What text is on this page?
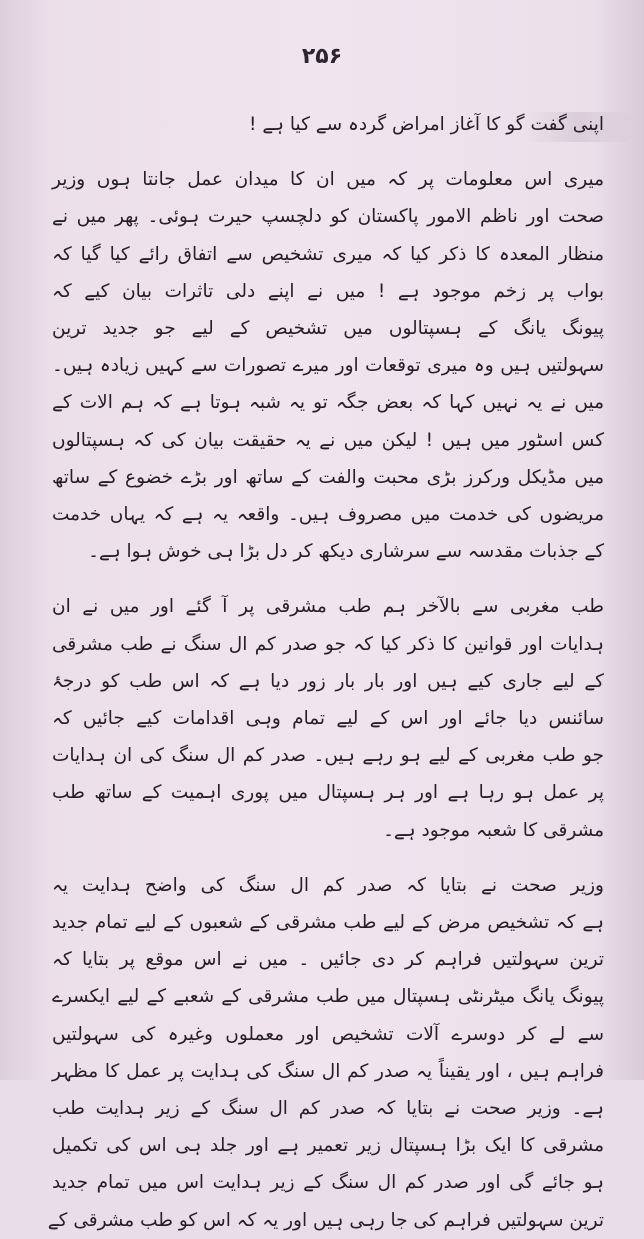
۲۵۶

اپنی گفت گو کا آغاز امراض گردہ سے کیا ہے !

میری اس معلومات پر کہ میں ان کا میدان عمل جانتا ہوں وزیر
صحت اور ناظم الامور پاکستان کو دلچسپ حیرت ہوئی۔ پھر میں نے
منظار المعدہ کا ذکر کیا کہ میری تشخیص سے اتفاق رائے کیا گیا کہ
بواب پر زخم موجود ہے ! میں نے اپنے دلی تاثرات بیان کیے کہ
پیونگ یانگ کے ہسپتالوں میں تشخیص کے لیے جو جدید ترین
سہولتیں ہیں وہ میری توقعات اور میرے تصورات سے کہیں زیادہ ہیں۔
میں نے یہ نہیں کہا کہ بعض جگہ تو یہ شبہ ہوتا ہے کہ ہم الات کے
کس اسٹور میں ہیں ! لیکن میں نے یہ حقیقت بیان کی کہ ہسپتالوں
میں مڈیکل ورکرز بڑی محبت والفت کے ساتھ اور بڑے خضوع کے ساتھ
مریضوں کی خدمت میں مصروف ہیں۔ واقعہ یہ ہے کہ یہاں خدمت
کے جذبات مقدسہ سے سرشاری دیکھ کر دل بڑا ہی خوش ہوا ہے۔

طب مغربی سے بالآخر ہم طب مشرقی پر آ گئے اور میں نے ان
ہدایات اور قوانین کا ذکر کیا کہ جو صدر کم ال سنگ نے طب مشرقی
کے لیے جاری کیے ہیں اور بار بار زور دیا ہے کہ اس طب کو درجۂ
سائنس دیا جائے اور اس کے لیے تمام وہی اقدامات کیے جائیں کہ
جو طب مغربی کے لیے ہو رہے ہیں۔ صدر کم ال سنگ کی ان ہدایات
پر عمل ہو رہا ہے اور ہر ہسپتال میں پوری اہمیت کے ساتھ طب
مشرقی کا شعبہ موجود ہے۔

وزیر صحت نے بتایا کہ صدر کم ال سنگ کی واضح ہدایت یہ
ہے کہ تشخیص مرض کے لیے طب مشرقی کے شعبوں کے لیے تمام جدید
ترین سہولتیں فراہم کر دی جائیں ۔ میں نے اس موقع پر بتایا کہ
پیونگ یانگ میٹرنٹی ہسپتال میں طب مشرقی کے شعبے کے لیے ایکسرے
سے لے کر دوسرے آلات تشخیص اور معملوں وغیرہ کی سہولتیں
فراہم ہیں ، اور یقیناً یہ صدر کم ال سنگ کی ہدایت پر عمل کا مظہر
ہے۔ وزیر صحت نے بتایا کہ صدر کم ال سنگ کے زیر ہدایت طب
مشرقی کا ایک بڑا ہسپتال زیر تعمیر ہے اور جلد ہی اس کی تکمیل
ہو جائے گی اور صدر کم ال سنگ کے زیر ہدایت اس میں تمام جدید
ترین سہولتیں فراہم کی جا رہی ہیں اور یہ کہ اس کو طب مشرقی کے
